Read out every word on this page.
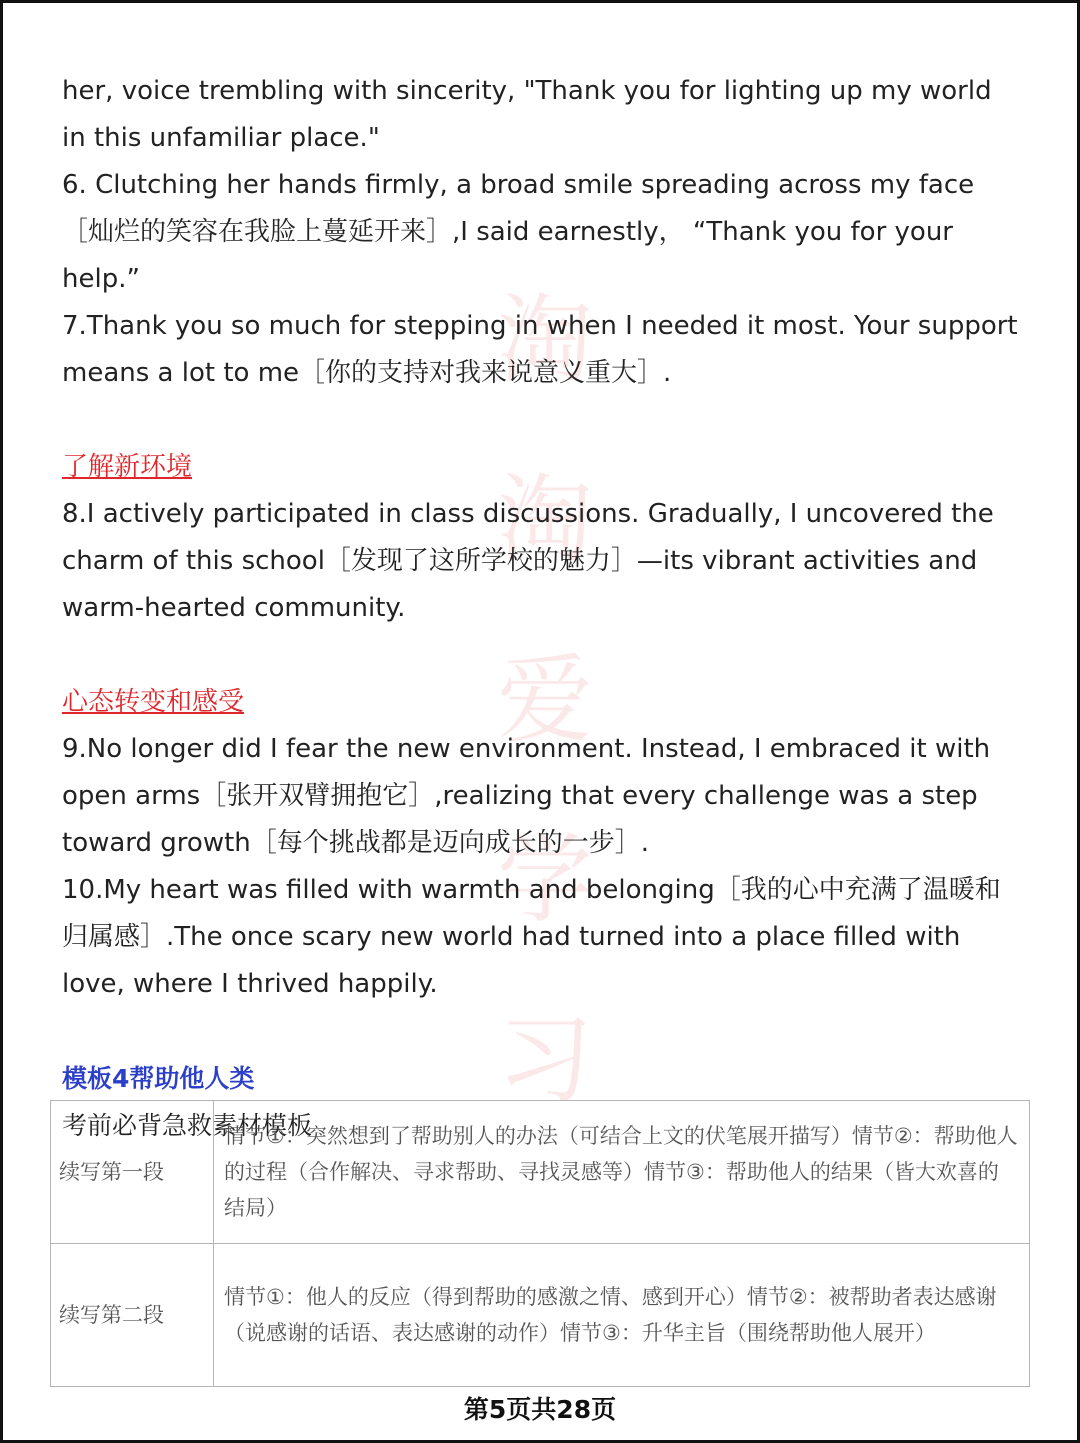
淘
淘
爱
学
习

her, voice trembling with sincerity, "Thank you for lighting up my world in this unfamiliar place."

6. Clutching her hands firmly, a broad smile spreading across my face［灿烂的笑容在我脸上蔓延开来］,I said earnestly， “Thank you for your help.”

7.Thank you so much for stepping in when I needed it most. Your support means a lot to me［你的支持对我来说意义重大］.

了解新环境

8.I actively participated in class discussions. Gradually, I uncovered the charm of this school［发现了这所学校的魅力］—its vibrant activities and warm-hearted community.

心态转变和感受

9.No longer did I fear the new environment. Instead, I embraced it with open arms［张开双臂拥抱它］,realizing that every challenge was a step toward growth［每个挑战都是迈向成长的一步］.

10.My heart was filled with warmth and belonging［我的心中充满了温暖和归属感］.The once scary new world had turned into a place filled with love, where I thrived happily.

模板4帮助他人类
考前必背急救素材模板
续写第一段	情节①：突然想到了帮助别人的办法（可结合上文的伏笔展开描写）情节②：帮助他人的过程（合作解决、寻求帮助、寻找灵感等）情节③：帮助他人的结果（皆大欢喜的结局）
续写第二段	情节①：他人的反应（得到帮助的感激之情、感到开心）情节②：被帮助者表达感谢（说感谢的话语、表达感谢的动作）情节③：升华主旨（围绕帮助他人展开）
第5页共28页
